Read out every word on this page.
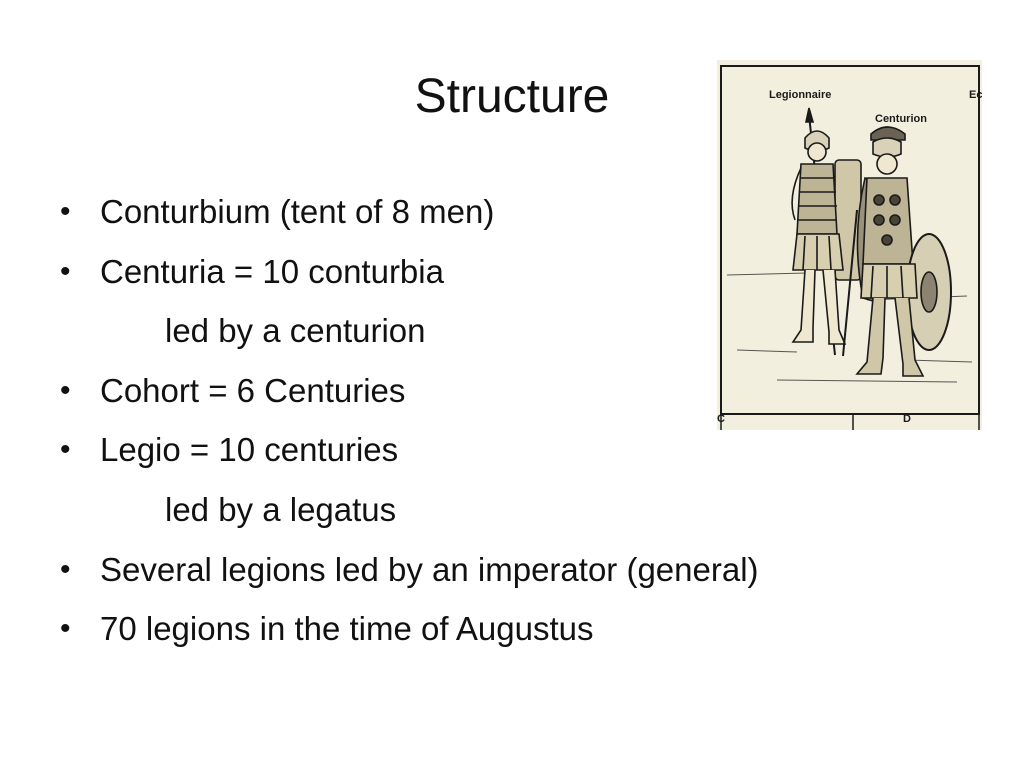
Structure
• Conturbium (tent of 8 men)
• Centuria = 10 conturbia
led by a centurion
• Cohort = 6 Centuries
• Legio = 10 centuries
led by a legatus
• Several legions led by an imperator (general)
• 70 legions in the time of Augustus
Legionnaire
Centurion
Ec
C	D
